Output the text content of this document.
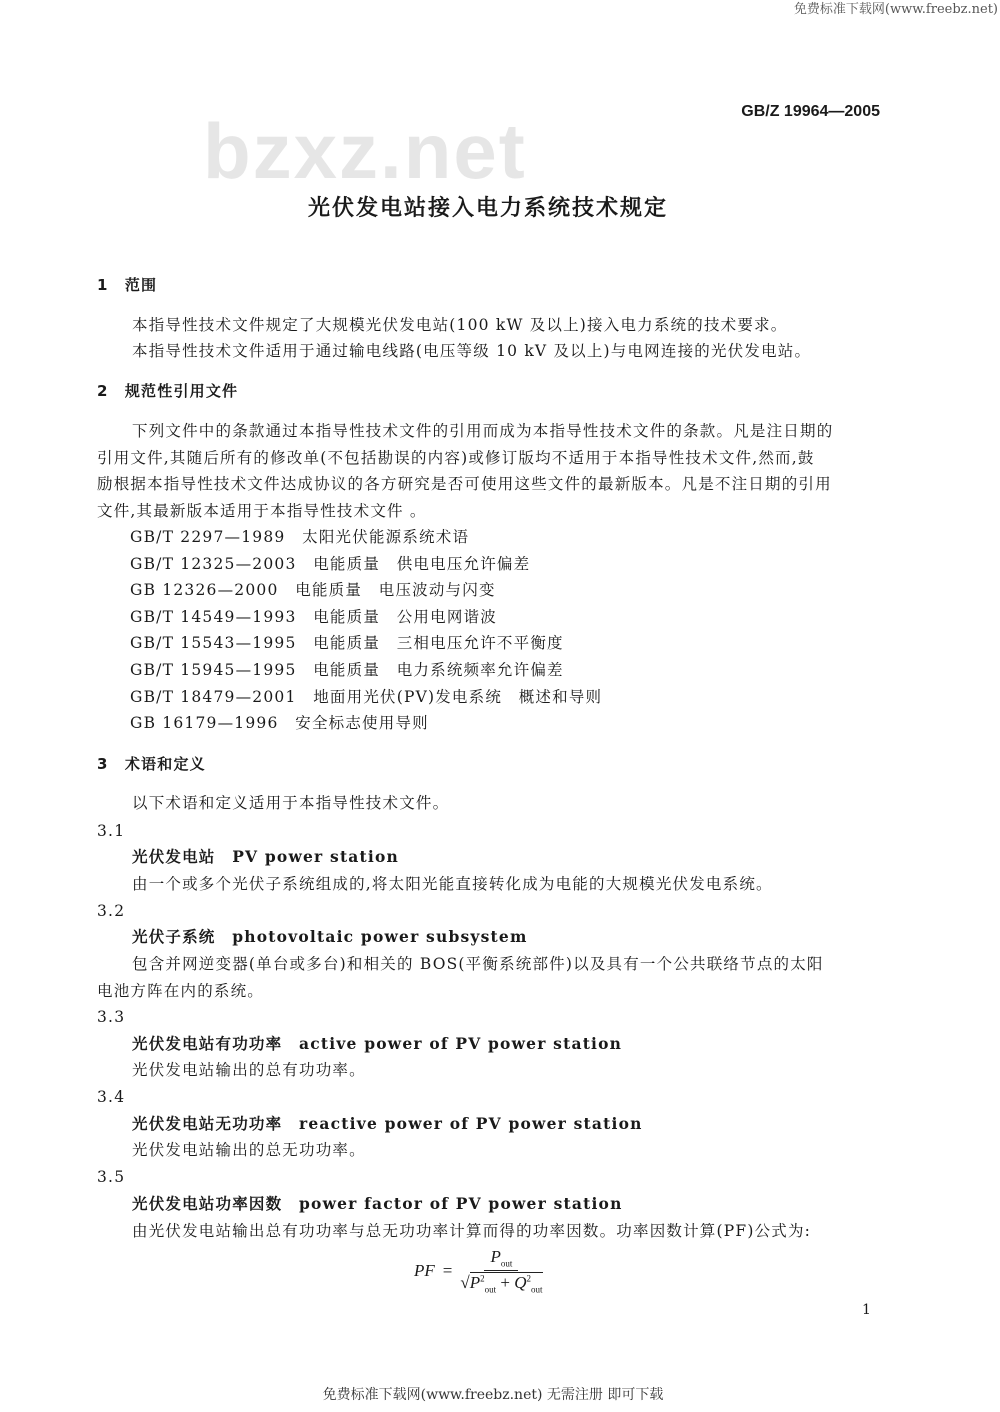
免费标准下载网(www.freebz.net)
GB/Z 19964—2005
bzxz.net
光伏发电站接入电力系统技术规定
1　 范围
本指导性技术文件规定了大规模光伏发电站(100 kW 及以上)接入电力系统的技术要求。
本指导性技术文件适用于通过输电线路(电压等级 10 kV 及以上)与电网连接的光伏发电站。
2　 规范性引用文件
下列文件中的条款通过本指导性技术文件的引用而成为本指导性技术文件的条款。凡是注日期的
引用文件,其随后所有的修改单(不包括勘误的内容)或修订版均不适用于本指导性技术文件,然而,鼓
励根据本指导性技术文件达成协议的各方研究是否可使用这些文件的最新版本。凡是不注日期的引用
文件,其最新版本适用于本指导性技术文件 。
GB/T 2297—1989　太阳光伏能源系统术语
GB/T 12325—2003　电能质量　供电电压允许偏差
GB 12326—2000　电能质量　电压波动与闪变
GB/T 14549—1993　电能质量　公用电网谐波
GB/T 15543—1995　电能质量　三相电压允许不平衡度
GB/T 15945—1995　电能质量　电力系统频率允许偏差
GB/T 18479—2001　地面用光伏(PV)发电系统　概述和导则
GB 16179—1996　安全标志使用导则
3　 术语和定义
以下术语和定义适用于本指导性技术文件。
3.1
光伏发电站　PV power station
由一个或多个光伏子系统组成的,将太阳光能直接转化成为电能的大规模光伏发电系统。
3.2
光伏子系统　photovoltaic power subsystem
包含并网逆变器(单台或多台)和相关的 BOS(平衡系统部件)以及具有一个公共联络节点的太阳
电池方阵在内的系统。
3.3
光伏发电站有功功率　active power of PV power station
光伏发电站输出的总有功功率。
3.4
光伏发电站无功功率　reactive power of PV power station
光伏发电站输出的总无功功率。
3.5
光伏发电站功率因数　power factor of PV power station
由光伏发电站输出总有功功率与总无功功率计算而得的功率因数。功率因数计算(PF)公式为:
PF = $\frac{P_{out}}{√P^2_{out} + Q^2_{out}}$
1
免费标准下载网(www.freebz.net) 无需注册 即可下载
